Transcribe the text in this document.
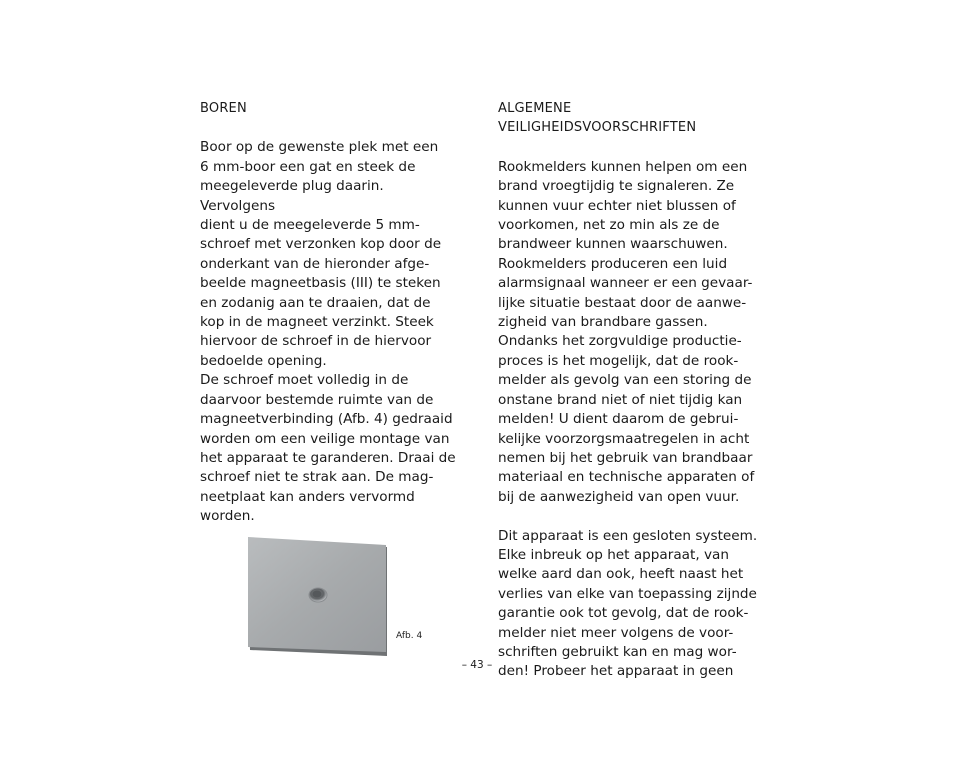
BOREN

Boor op de gewenste plek met een
6 mm-boor een gat en steek de
meegeleverde plug daarin. Vervolgens
dient u de meegeleverde 5 mm-
schroef met verzonken kop door de
onderkant van de hieronder afge-
beelde magneetbasis (III) te steken
en zodanig aan te draaien, dat de
kop in de magneet verzinkt. Steek
hiervoor de schroef in de hiervoor
bedoelde opening.

De schroef moet volledig in de
daarvoor bestemde ruimte van de
magneetverbinding (Afb. 4) gedraaid
worden om een veilige montage van
het apparaat te garanderen. Draai de
schroef niet te strak aan. De mag-
neetplaat kan anders vervormd
worden.

ALGEMENE VEILIGHEIDSVOORSCHRIFTEN

Rookmelders kunnen helpen om een
brand vroegtijdig te signaleren. Ze
kunnen vuur echter niet blussen of
voorkomen, net zo min als ze de
brandweer kunnen waarschuwen.
Rookmelders produceren een luid
alarmsignaal wanneer er een gevaar-
lijke situatie bestaat door de aanwe-
zigheid van brandbare gassen.
Ondanks het zorgvuldige productie-
proces is het mogelijk, dat de rook-
melder als gevolg van een storing de
onstane brand niet of niet tijdig kan
melden! U dient daarom de gebrui-
kelijke voorzorgsmaatregelen in acht
nemen bij het gebruik van brandbaar
materiaal en technische apparaten of
bij de aanwezigheid van open vuur.

Dit apparaat is een gesloten systeem.
Elke inbreuk op het apparaat, van
welke aard dan ook, heeft naast het
verlies van elke van toepassing zijnde
garantie ook tot gevolg, dat de rook-
melder niet meer volgens de voor-
schriften gebruikt kan en mag wor-
den! Probeer het apparaat in geen

Afb. 4
– 43 –
